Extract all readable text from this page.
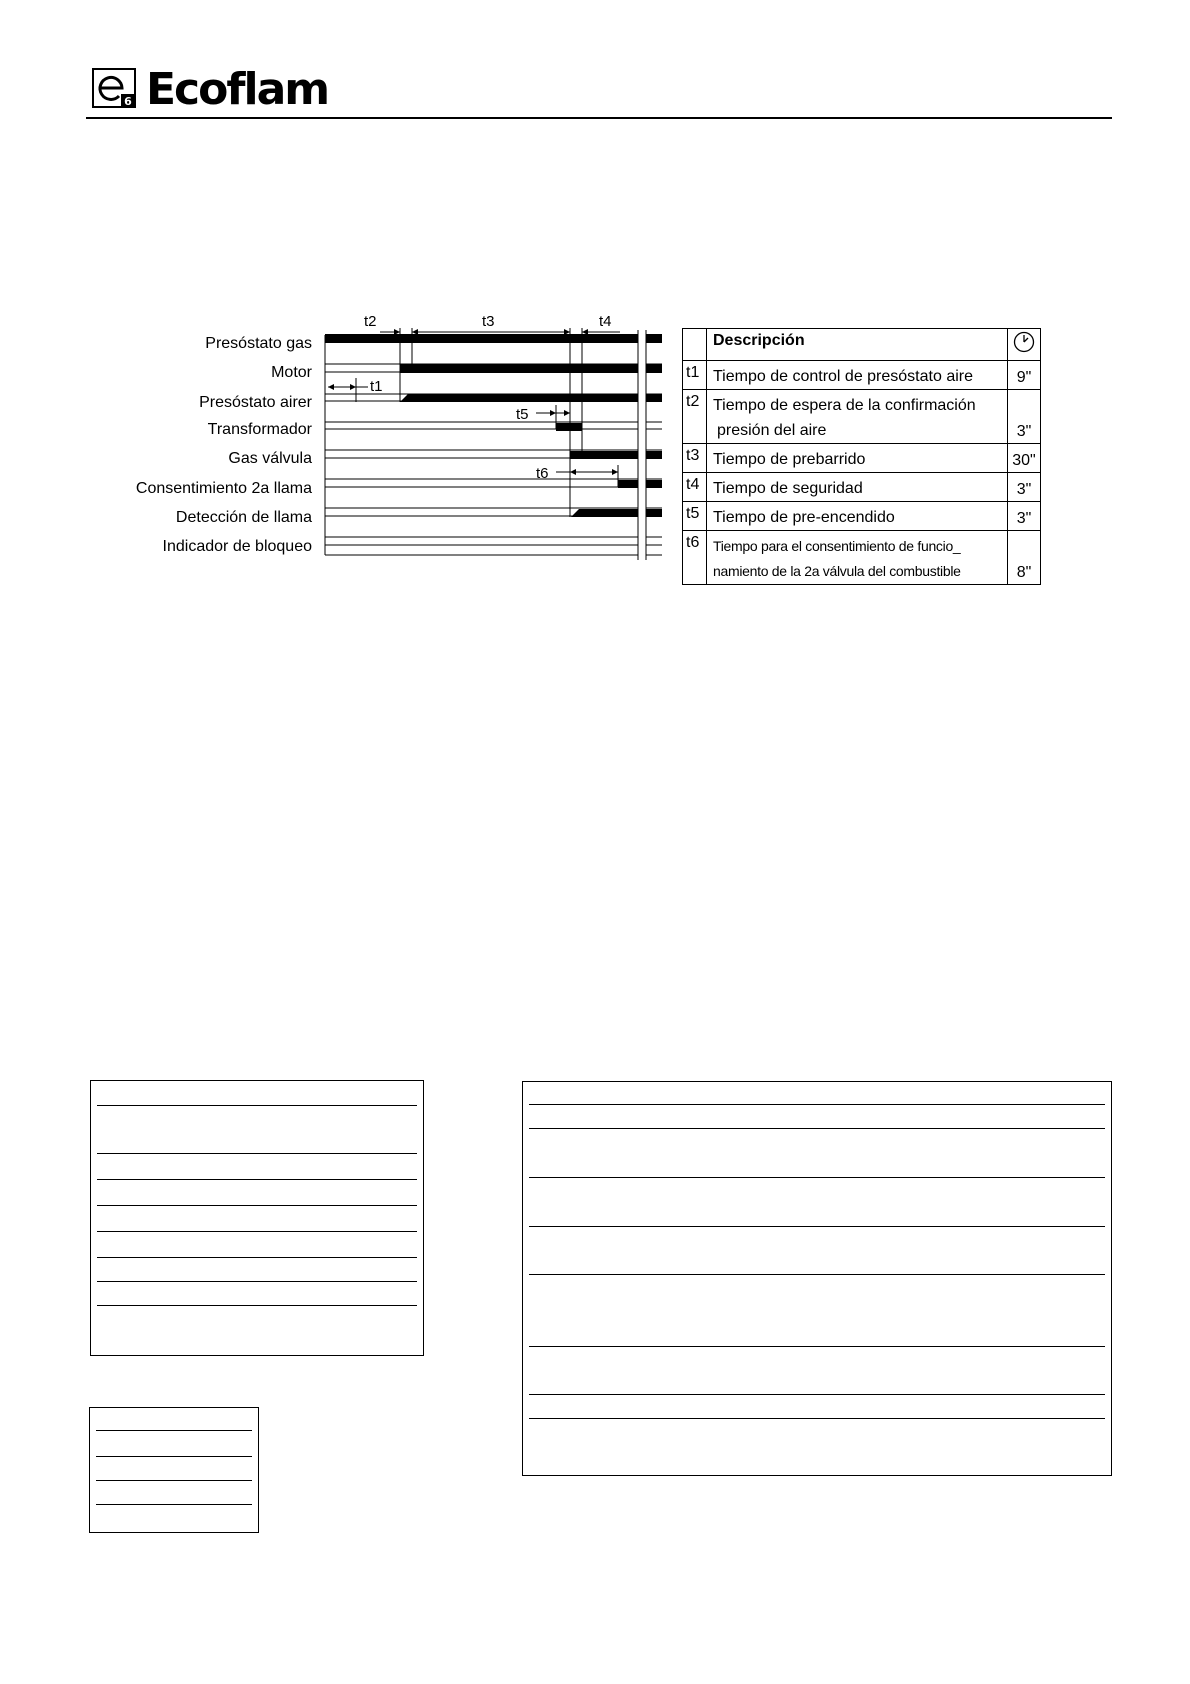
6 Ecoflam
Presóstato gas
Motor
Presóstato airer
Transformador
Gas válvula
Consentimiento 2a llama
Detección de llama
Indicador de bloqueo
t2	t3	t4
t1
t5
t6
	Descripción	
t1	Tiempo de control de presóstato aire	9"
t2	Tiempo de espera de la confirmación
presión del aire	3"
t3	Tiempo de prebarrido	30"
t4	Tiempo de seguridad	3"
t5	Tiempo de pre-encendido	3"
t6	Tiempo para el consentimiento de funcio_
namiento de la 2a válvula del combustible	8"
